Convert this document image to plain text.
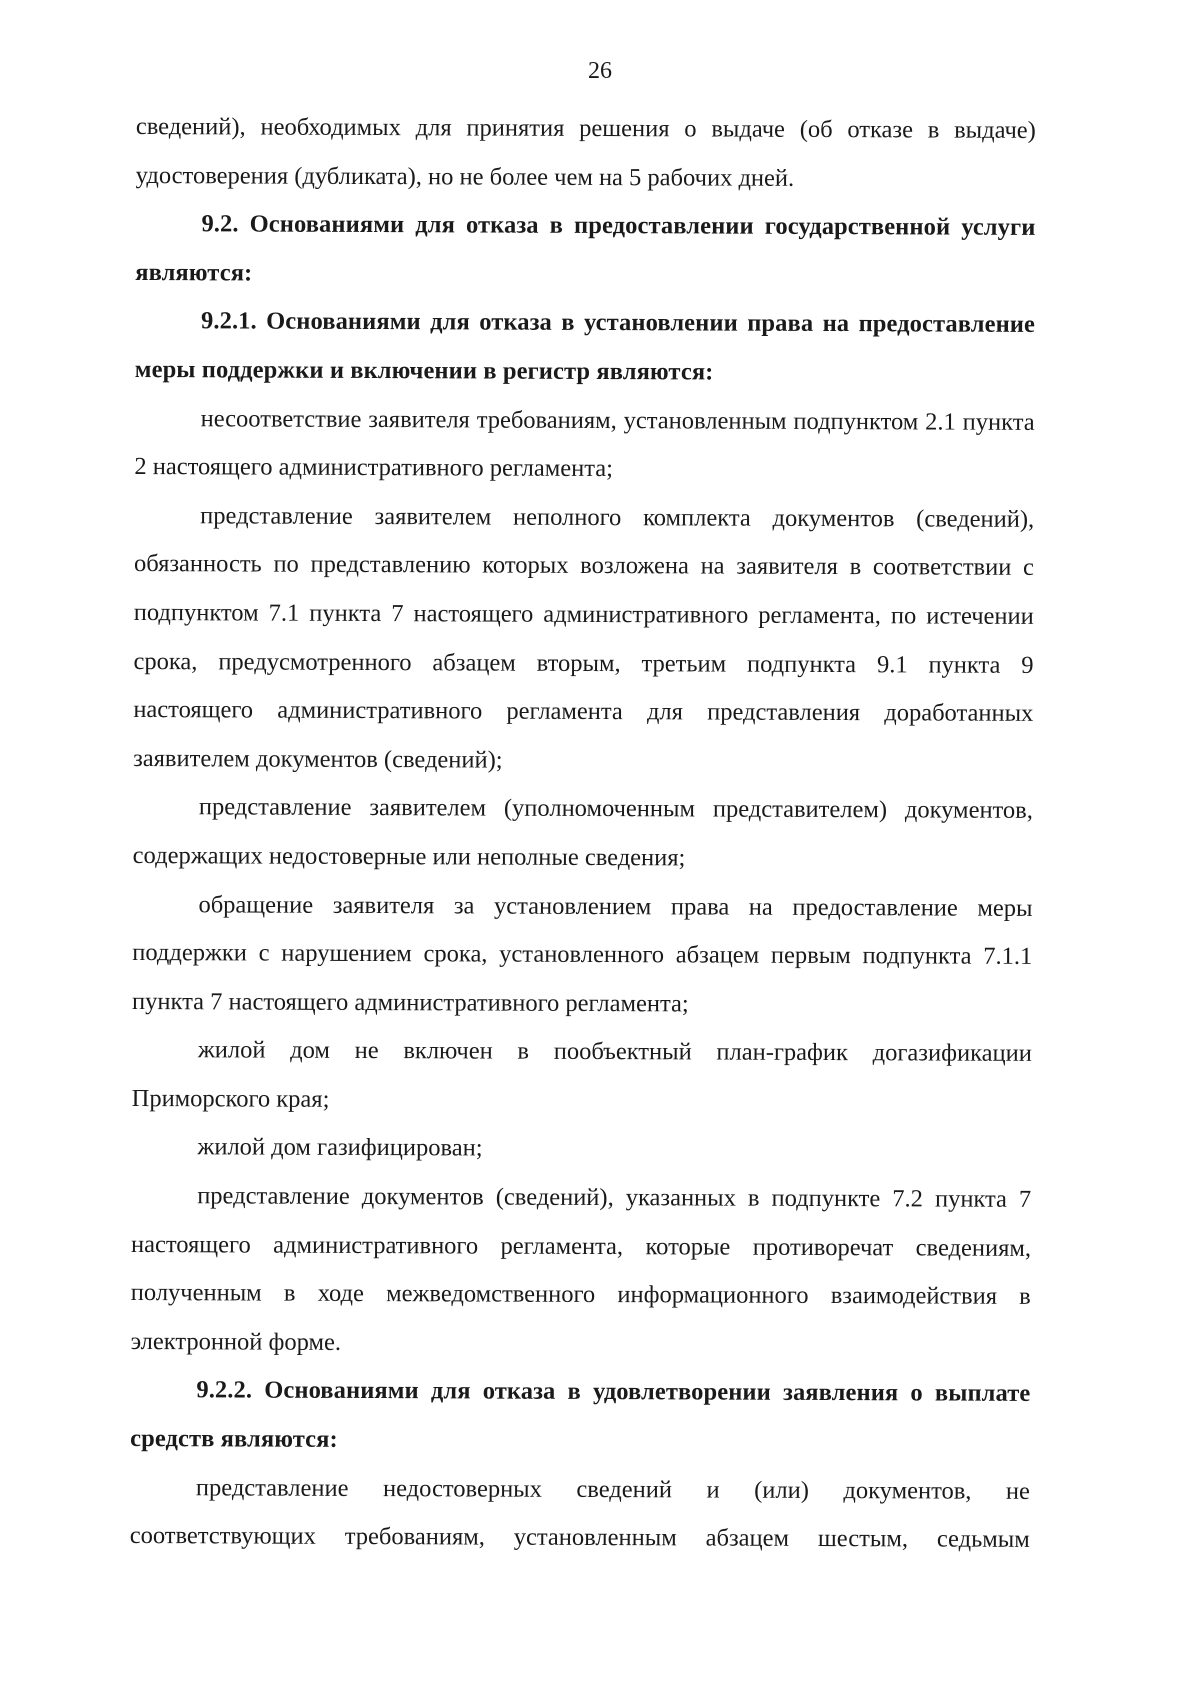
26

сведений), необходимых для принятия решения о выдаче (об отказе в выдаче) удостоверения (дубликата), но не более чем на 5 рабочих дней.

9.2. Основаниями для отказа в предоставлении государственной услуги являются:

9.2.1. Основаниями для отказа в установлении права на предоставление меры поддержки и включении в регистр являются:

несоответствие заявителя требованиям, установленным подпунктом 2.1 пункта 2 настоящего административного регламента;

представление заявителем неполного комплекта документов (сведений), обязанность по представлению которых возложена на заявителя в соответствии с подпунктом 7.1 пункта 7 настоящего административного регламента, по истечении срока, предусмотренного абзацем вторым, третьим подпункта 9.1 пункта 9 настоящего административного регламента для представления доработанных заявителем документов (сведений);

представление заявителем (уполномоченным представителем) документов, содержащих недостоверные или неполные сведения;

обращение заявителя за установлением права на предоставление меры поддержки с нарушением срока, установленного абзацем первым подпункта 7.1.1 пункта 7 настоящего административного регламента;

жилой дом не включен в пообъектный план-график догазификации Приморского края;

жилой дом газифицирован;

представление документов (сведений), указанных в подпункте 7.2 пункта 7 настоящего административного регламента, которые противоречат сведениям, полученным в ходе межведомственного информационного взаимодействия в электронной форме.

9.2.2. Основаниями для отказа в удовлетворении заявления о выплате средств являются:

представление недостоверных сведений и (или) документов, не соответствующих требованиям, установленным абзацем шестым, седьмым
